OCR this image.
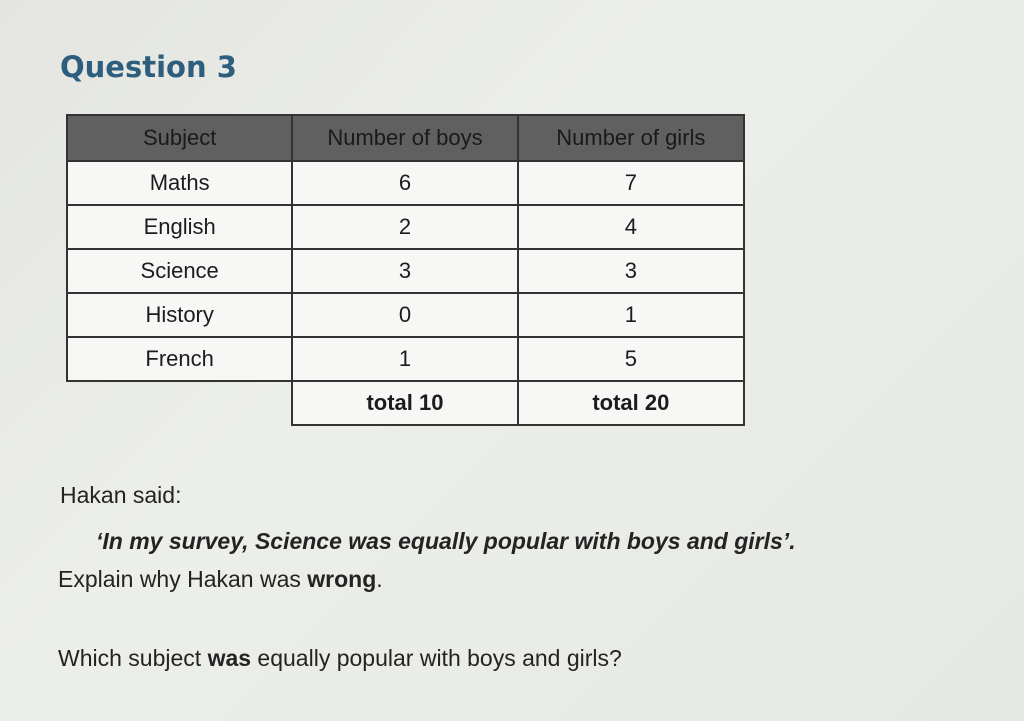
Question 3
Subject	Number of boys	Number of girls
Maths	6	7
English	2	4
Science	3	3
History	0	1
French	1	5
	total 10	total 20
Hakan said:
‘In my survey, Science was equally popular with boys and girls’.
Explain why Hakan was wrong.
Which subject was equally popular with boys and girls?
